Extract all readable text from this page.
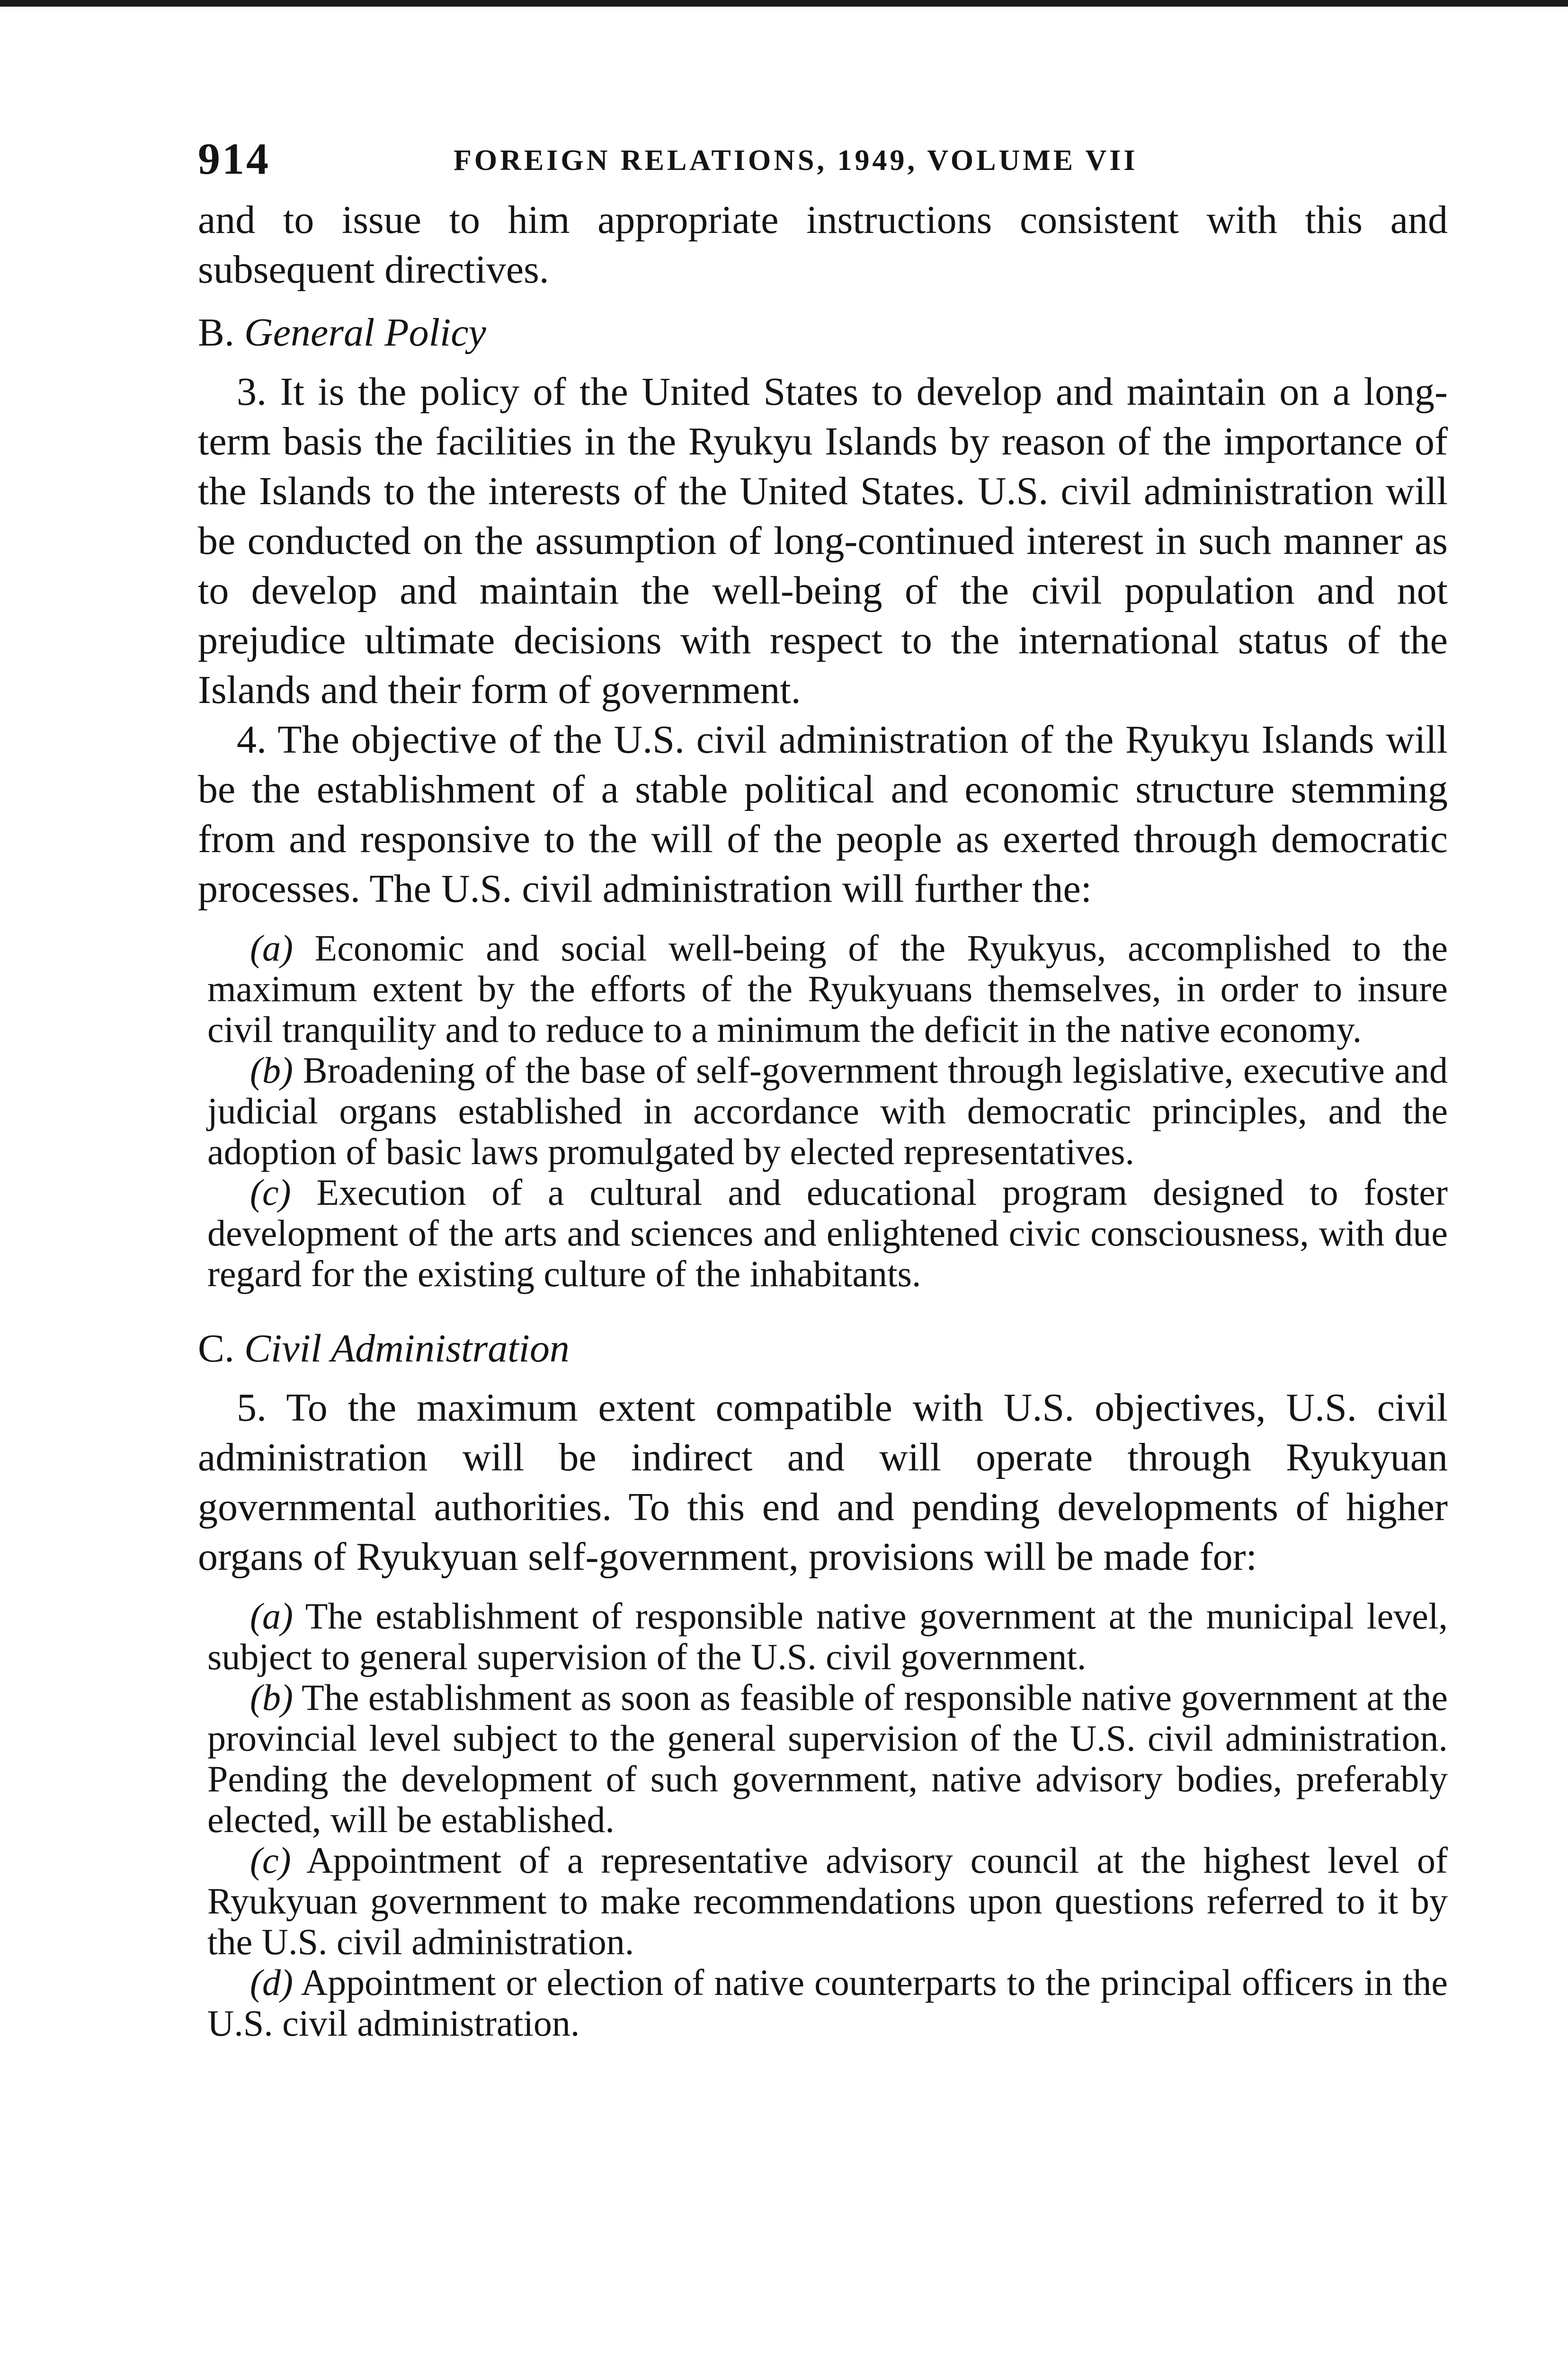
914	FOREIGN RELATIONS, 1949, VOLUME VII

and to issue to him appropriate instructions consistent with this and subsequent directives.

B. General Policy

3. It is the policy of the United States to develop and maintain on a long-term basis the facilities in the Ryukyu Islands by reason of the importance of the Islands to the interests of the United States. U.S. civil administration will be conducted on the assumption of long-continued interest in such manner as to develop and maintain the well-being of the civil population and not prejudice ultimate decisions with respect to the international status of the Islands and their form of government.

4. The objective of the U.S. civil administration of the Ryukyu Islands will be the establishment of a stable political and economic structure stemming from and responsive to the will of the people as exerted through democratic processes. The U.S. civil administration will further the:

(a) Economic and social well-being of the Ryukyus, accomplished to the maximum extent by the efforts of the Ryukyuans themselves, in order to insure civil tranquility and to reduce to a minimum the deficit in the native economy.

(b) Broadening of the base of self-government through legislative, executive and judicial organs established in accordance with democratic principles, and the adoption of basic laws promulgated by elected representatives.

(c) Execution of a cultural and educational program designed to foster development of the arts and sciences and enlightened civic consciousness, with due regard for the existing culture of the inhabitants.

C. Civil Administration

5. To the maximum extent compatible with U.S. objectives, U.S. civil administration will be indirect and will operate through Ryukyuan governmental authorities. To this end and pending developments of higher organs of Ryukyuan self-government, provisions will be made for:

(a) The establishment of responsible native government at the municipal level, subject to general supervision of the U.S. civil government.

(b) The establishment as soon as feasible of responsible native government at the provincial level subject to the general supervision of the U.S. civil administration. Pending the development of such government, native advisory bodies, preferably elected, will be established.

(c) Appointment of a representative advisory council at the highest level of Ryukyuan government to make recommendations upon questions referred to it by the U.S. civil administration.

(d) Appointment or election of native counterparts to the principal officers in the U.S. civil administration.
